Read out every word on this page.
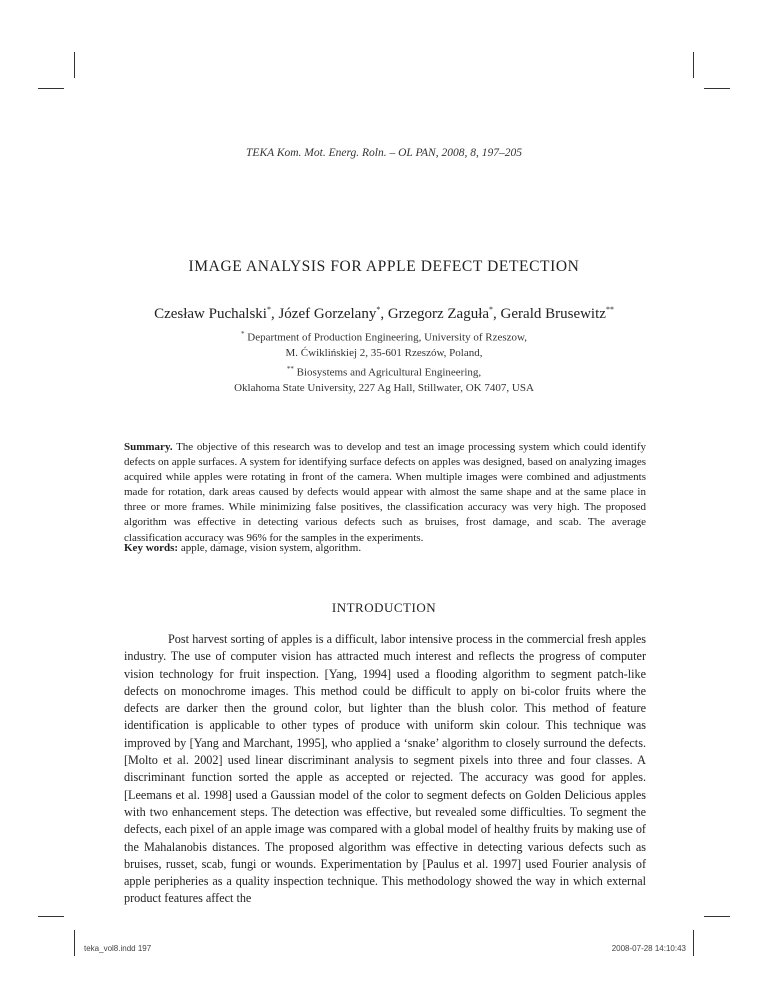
TEKA Kom. Mot. Energ. Roln. – OL PAN, 2008, 8, 197–205
IMAGE ANALYSIS FOR APPLE DEFECT DETECTION
Czesław Puchalski*, Józef Gorzelany*, Grzegorz Zaguła*, Gerald Brusewitz**
* Department of Production Engineering, University of Rzeszow,
M. Ćwiklińskiej 2, 35-601 Rzeszów, Poland,
** Biosystems and Agricultural Engineering,
Oklahoma State University, 227 Ag Hall, Stillwater, OK 7407, USA
Summary. The objective of this research was to develop and test an image processing system which could identify defects on apple surfaces. A system for identifying surface defects on apples was designed, based on analyzing images acquired while apples were rotating in front of the camera. When multiple images were combined and adjustments made for rotation, dark areas caused by defects would appear with almost the same shape and at the same place in three or more frames. While minimizing false positives, the classification accuracy was very high. The proposed algorithm was effective in detecting various defects such as bruises, frost damage, and scab. The average classification accuracy was 96% for the samples in the experiments.
Key words: apple, damage, vision system, algorithm.
INTRODUCTION
Post harvest sorting of apples is a difficult, labor intensive process in the commercial fresh apples industry. The use of computer vision has attracted much interest and reflects the progress of computer vision technology for fruit inspection. [Yang, 1994] used a flooding algorithm to segment patch-like defects on monochrome images. This method could be difficult to apply on bi-color fruits where the defects are darker then the ground color, but lighter than the blush color. This method of feature identification is applicable to other types of produce with uniform skin colour. This technique was improved by [Yang and Marchant, 1995], who applied a ‘snake’ algorithm to closely surround the defects. [Molto et al. 2002] used linear discriminant analysis to segment pixels into three and four classes. A discriminant function sorted the apple as accepted or rejected. The accuracy was good for apples. [Leemans et al. 1998] used a Gaussian model of the color to segment defects on Golden Delicious apples with two enhancement steps. The detection was effective, but revealed some difficulties. To segment the defects, each pixel of an apple image was compared with a global model of healthy fruits by making use of the Mahalanobis distances. The proposed algorithm was effective in detecting various defects such as bruises, russet, scab, fungi or wounds. Experimentation by [Paulus et al. 1997] used Fourier analysis of apple peripheries as a quality inspection technique. This methodology showed the way in which external product features affect the
teka_vol8.indd 197	2008-07-28 14:10:43
